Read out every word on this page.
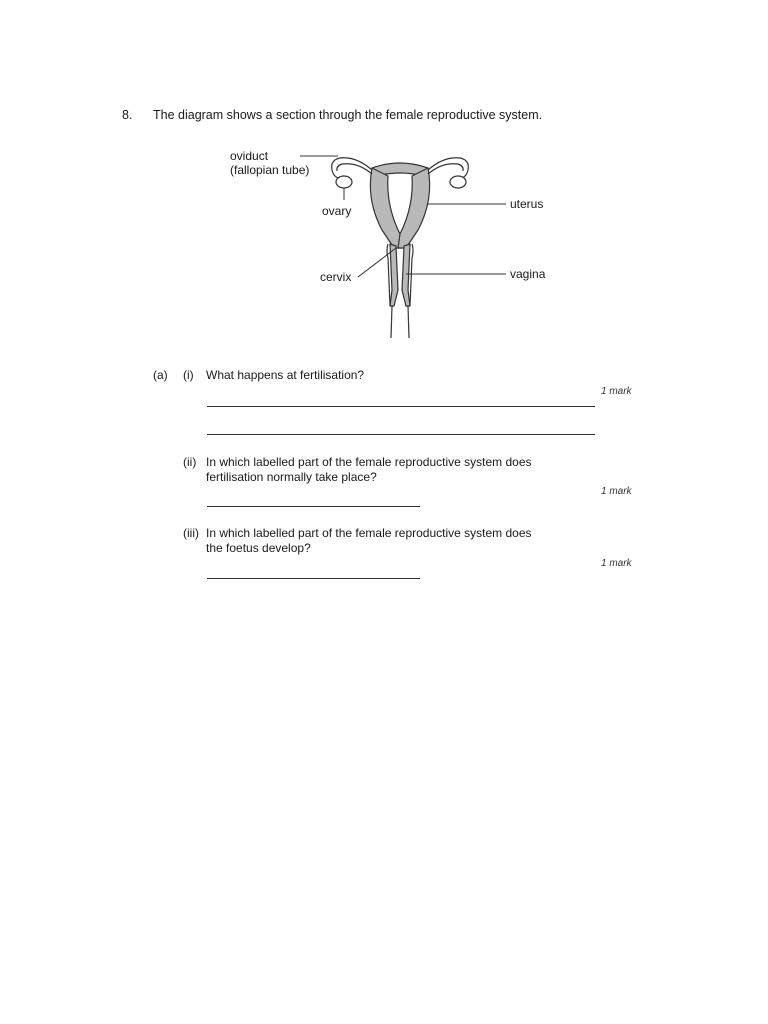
8. The diagram shows a section through the female reproductive system.
oviduct
(fallopian tube)
ovary	uterus
cervix	vagina
(a) (i) What happens at fertilisation?
1 mark
(ii) In which labelled part of the female reproductive system does
fertilisation normally take place?
1 mark
(iii) In which labelled part of the female reproductive system does
the foetus develop?
1 mark
